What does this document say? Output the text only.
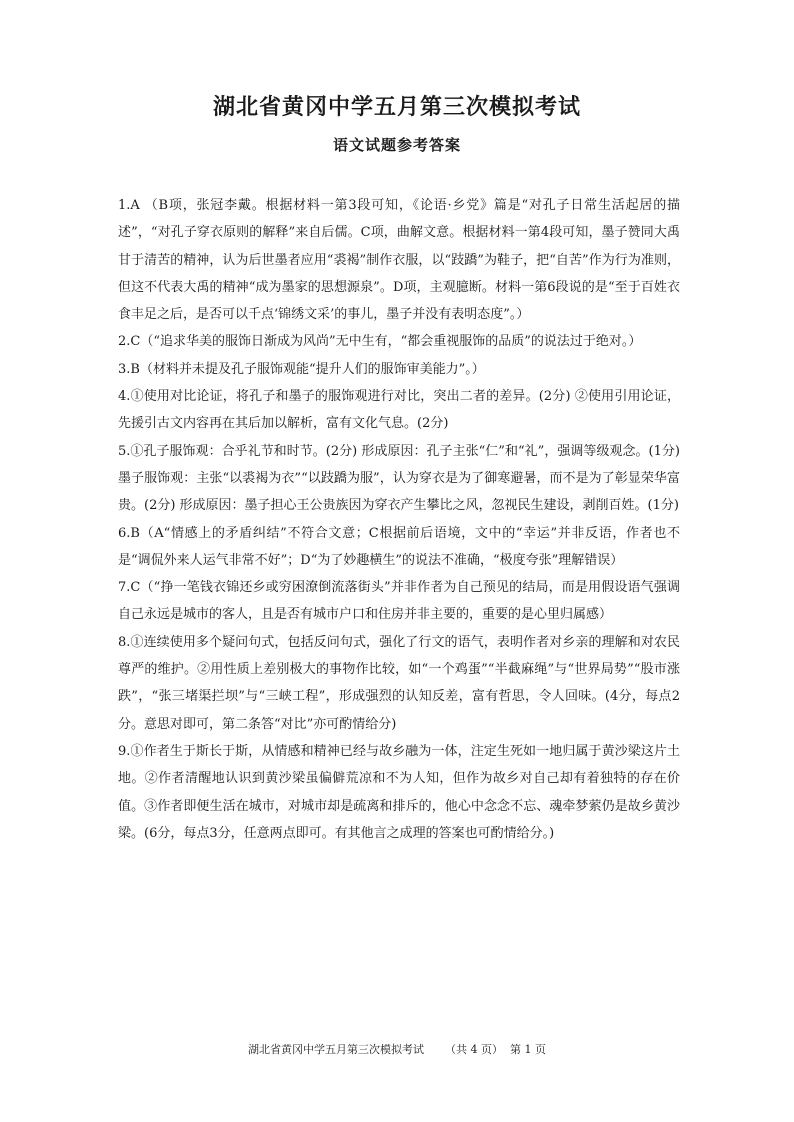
湖北省黄冈中学五月第三次模拟考试
语文试题参考答案

1.A （B项，张冠李戴。根据材料一第3段可知，《论语·乡党》篇是“对孔子日常生活起居的描述”，“对孔子穿衣原则的解释”来自后儒。C项，曲解文意。根据材料一第4段可知，墨子赞同大禹甘于清苦的精神，认为后世墨者应用“裘褐”制作衣服，以“跂蹻”为鞋子，把“自苦”作为行为准则，但这不代表大禹的精神“成为墨家的思想源泉”。D项，主观臆断。材料一第6段说的是“至于百姓衣食丰足之后，是否可以千点‘锦绣文采’的事儿，墨子并没有表明态度”。）

2.C（“追求华美的服饰日渐成为风尚”无中生有，“都会重视服饰的品质”的说法过于绝对。）

3.B（材料并未提及孔子服饰观能“提升人们的服饰审美能力”。）

4.①使用对比论证，将孔子和墨子的服饰观进行对比，突出二者的差异。(2分) ②使用引用论证，先援引古文内容再在其后加以解析，富有文化气息。(2分)

5.①孔子服饰观：合乎礼节和时节。(2分) 形成原因：孔子主张“仁”和“礼”，强调等级观念。(1分) 墨子服饰观：主张“以裘褐为衣”“以跂蹻为服”，认为穿衣是为了御寒避暑，而不是为了彰显荣华富贵。(2分) 形成原因：墨子担心王公贵族因为穿衣产生攀比之风，忽视民生建设，剥削百姓。(1分)

6.B（A“情感上的矛盾纠结”不符合文意；C根据前后语境，文中的“幸运”并非反语，作者也不是“调侃外来人运气非常不好”；D“为了妙趣横生”的说法不准确，“极度夸张”理解错误）

7.C（“挣一笔钱衣锦还乡或穷困潦倒流落街头”并非作者为自己预见的结局，而是用假设语气强调自己永远是城市的客人，且是否有城市户口和住房并非主要的，重要的是心里归属感）

8.①连续使用多个疑问句式，包括反问句式，强化了行文的语气，表明作者对乡亲的理解和对农民尊严的维护。②用性质上差别极大的事物作比较，如“一个鸡蛋”“半截麻绳”与“世界局势”“股市涨跌”，“张三堵渠拦坝”与“三峡工程”，形成强烈的认知反差，富有哲思，令人回味。(4分，每点2分。意思对即可，第二条答“对比”亦可酌情给分)

9.①作者生于斯长于斯，从情感和精神已经与故乡融为一体，注定生死如一地归属于黄沙梁这片土地。②作者清醒地认识到黄沙梁虽偏僻荒凉和不为人知，但作为故乡对自己却有着独特的存在价值。③作者即便生活在城市，对城市却是疏离和排斥的，他心中念念不忘、魂牵梦萦仍是故乡黄沙梁。(6分，每点3分，任意两点即可。有其他言之成理的答案也可酌情给分。)

湖北省黄冈中学五月第三次模拟考试 （共 4 页） 第 1 页
